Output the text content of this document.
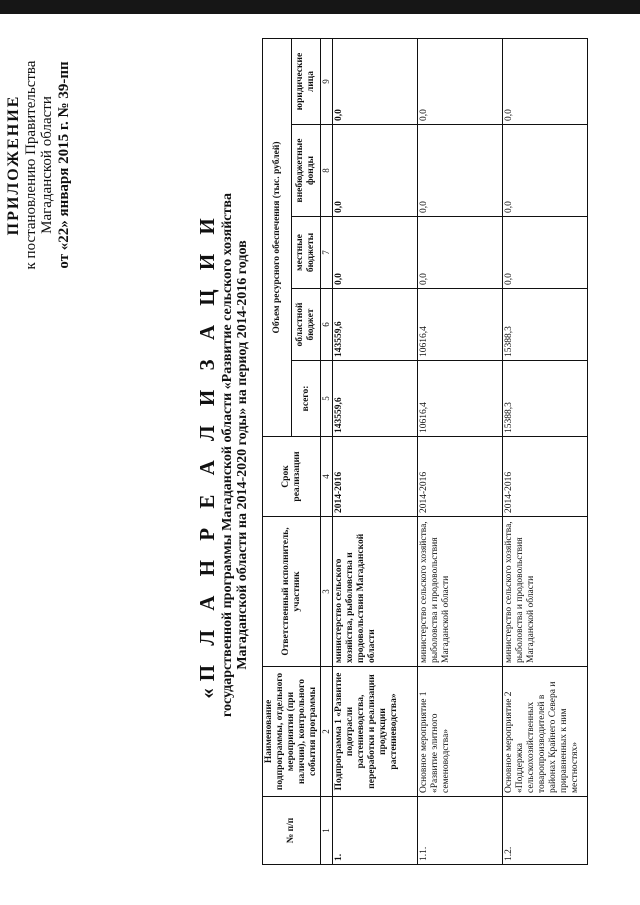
ПРИЛОЖЕНИЕ к постановлению Правительства Магаданской области от «22» января 2015 г. № 39-пп
«П Л А Н Р Е А Л И З А Ц И И государственной программы Магаданской области «Развитие сельского хозяйства Магаданской области на 2014-2020 годы» на период 2014-2016 годов
№ п/п	Наименование подпрограммы, отдельного мероприятия (при наличии), контрольного события программы	Ответственный исполнитель, участник	Срок реализации	Объем ресурсного обеспечения (тыс. рублей)				
				всего:	областной бюджет	местные бюджеты	внебюджетные фонды	юридические лица
1	2	3	4	5	6	7	8	9
1.	Подпрограмма 1 «Развитие подотрасли растениеводства, переработки и реализации продукции растениеводства»	министерство сельского хозяйства, рыболовства и продовольствия Магаданской области	2014-2016	143559,6	143559,6	0,0	0,0	0,0
1.1.	Основное мероприятие 1 «Развитие элитного семеноводства»	министерство сельского хозяйства, рыболовства и продовольствия Магаданской области	2014-2016	10616,4	10616,4	0,0	0,0	0,0
1.2.	Основное мероприятие 2 «Поддержка сельскохозяйственных товаропроизводителей в районах Крайнего Севера и приравненных к ним местностях»	министерство сельского хозяйства, рыболовства и продовольствия Магаданской области	2014-2016	15388,3	15388,3	0,0	0,0	0,0
